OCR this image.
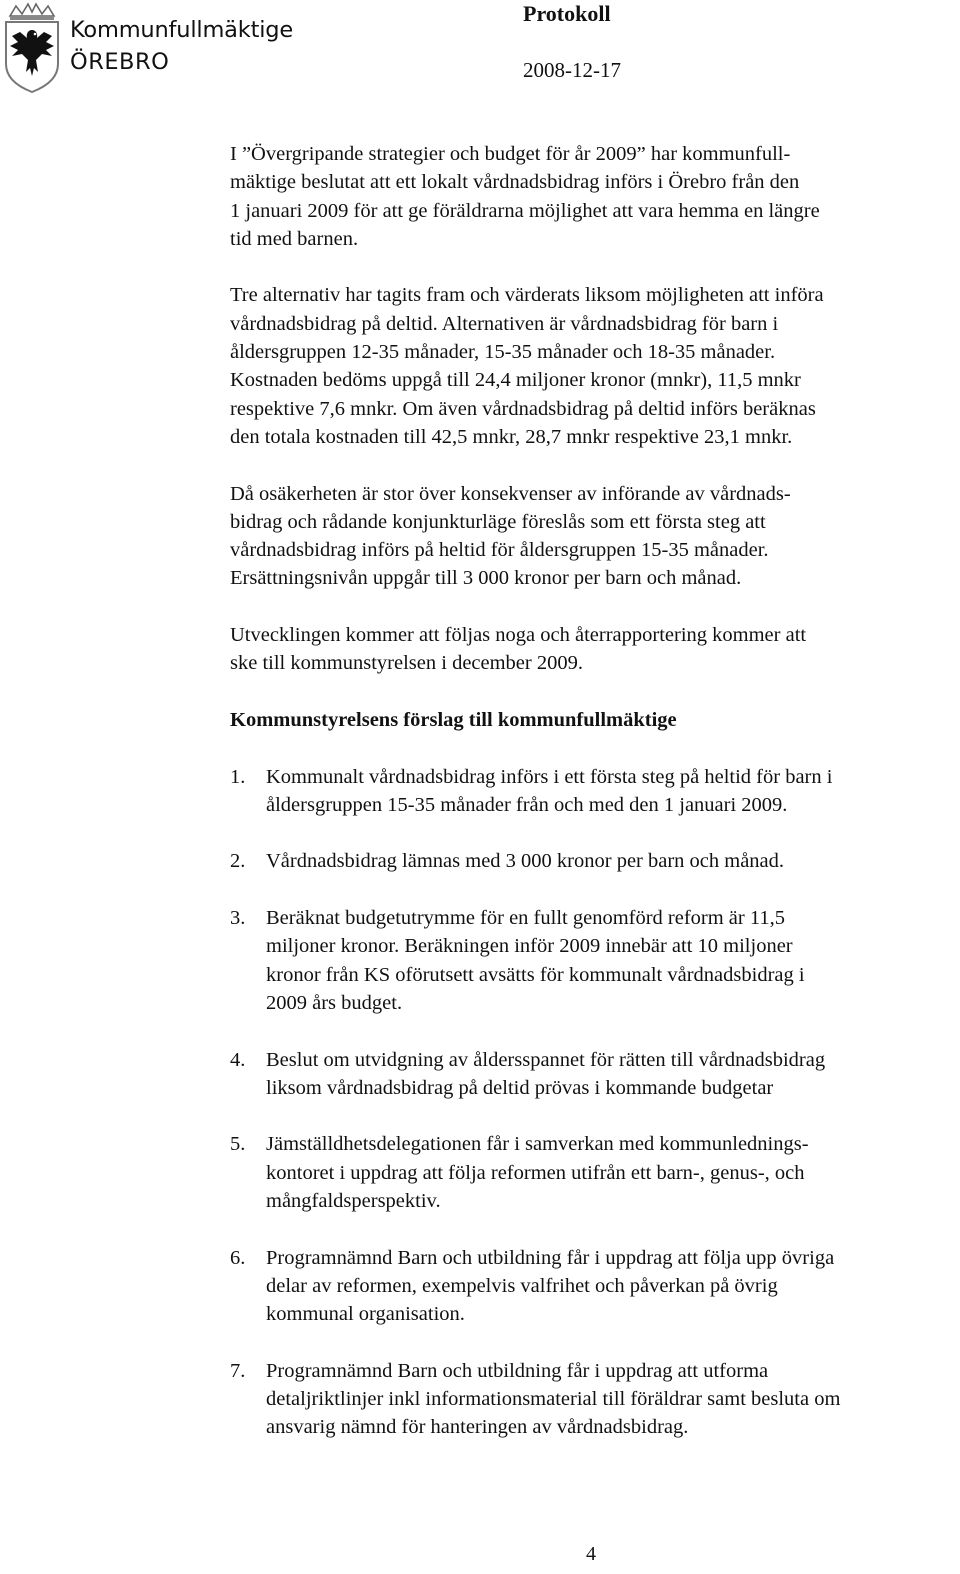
Kommunfullmäktige
ÖREBRO
Protokoll
2008-12-17

I ”Övergripande strategier och budget för år 2009” har kommunfull-
mäktige beslutat att ett lokalt vårdnadsbidrag införs i Örebro från den
1 januari 2009 för att ge föräldrarna möjlighet att vara hemma en längre
tid med barnen.

Tre alternativ har tagits fram och värderats liksom möjligheten att införa
vårdnadsbidrag på deltid. Alternativen är vårdnadsbidrag för barn i
åldersgruppen 12-35 månader, 15-35 månader och 18-35 månader.
Kostnaden bedöms uppgå till 24,4 miljoner kronor (mnkr), 11,5 mnkr
respektive 7,6 mnkr. Om även vårdnadsbidrag på deltid införs beräknas
den totala kostnaden till 42,5 mnkr, 28,7 mnkr respektive 23,1 mnkr.

Då osäkerheten är stor över konsekvenser av införande av vårdnads-
bidrag och rådande konjunkturläge föreslås som ett första steg att
vårdnadsbidrag införs på heltid för åldersgruppen 15-35 månader.
Ersättningsnivån uppgår till 3 000 kronor per barn och månad.

Utvecklingen kommer att följas noga och återrapportering kommer att
ske till kommunstyrelsen i december 2009.

Kommunstyrelsens förslag till kommunfullmäktige
1. Kommunalt vårdnadsbidrag införs i ett första steg på heltid för barn i
åldersgruppen 15-35 månader från och med den 1 januari 2009.
2. Vårdnadsbidrag lämnas med 3 000 kronor per barn och månad.
3. Beräknat budgetutrymme för en fullt genomförd reform är 11,5
miljoner kronor. Beräkningen inför 2009 innebär att 10 miljoner
kronor från KS oförutsett avsätts för kommunalt vårdnadsbidrag i
2009 års budget.
4. Beslut om utvidgning av åldersspannet för rätten till vårdnadsbidrag
liksom vårdnadsbidrag på deltid prövas i kommande budgetar
5. Jämställdhetsdelegationen får i samverkan med kommunlednings-
kontoret i uppdrag att följa reformen utifrån ett barn-, genus-, och
mångfaldsperspektiv.
6. Programnämnd Barn och utbildning får i uppdrag att följa upp övriga
delar av reformen, exempelvis valfrihet och påverkan på övrig
kommunal organisation.
7. Programnämnd Barn och utbildning får i uppdrag att utforma
detaljriktlinjer inkl informationsmaterial till föräldrar samt besluta om
ansvarig nämnd för hanteringen av vårdnadsbidrag.
4
